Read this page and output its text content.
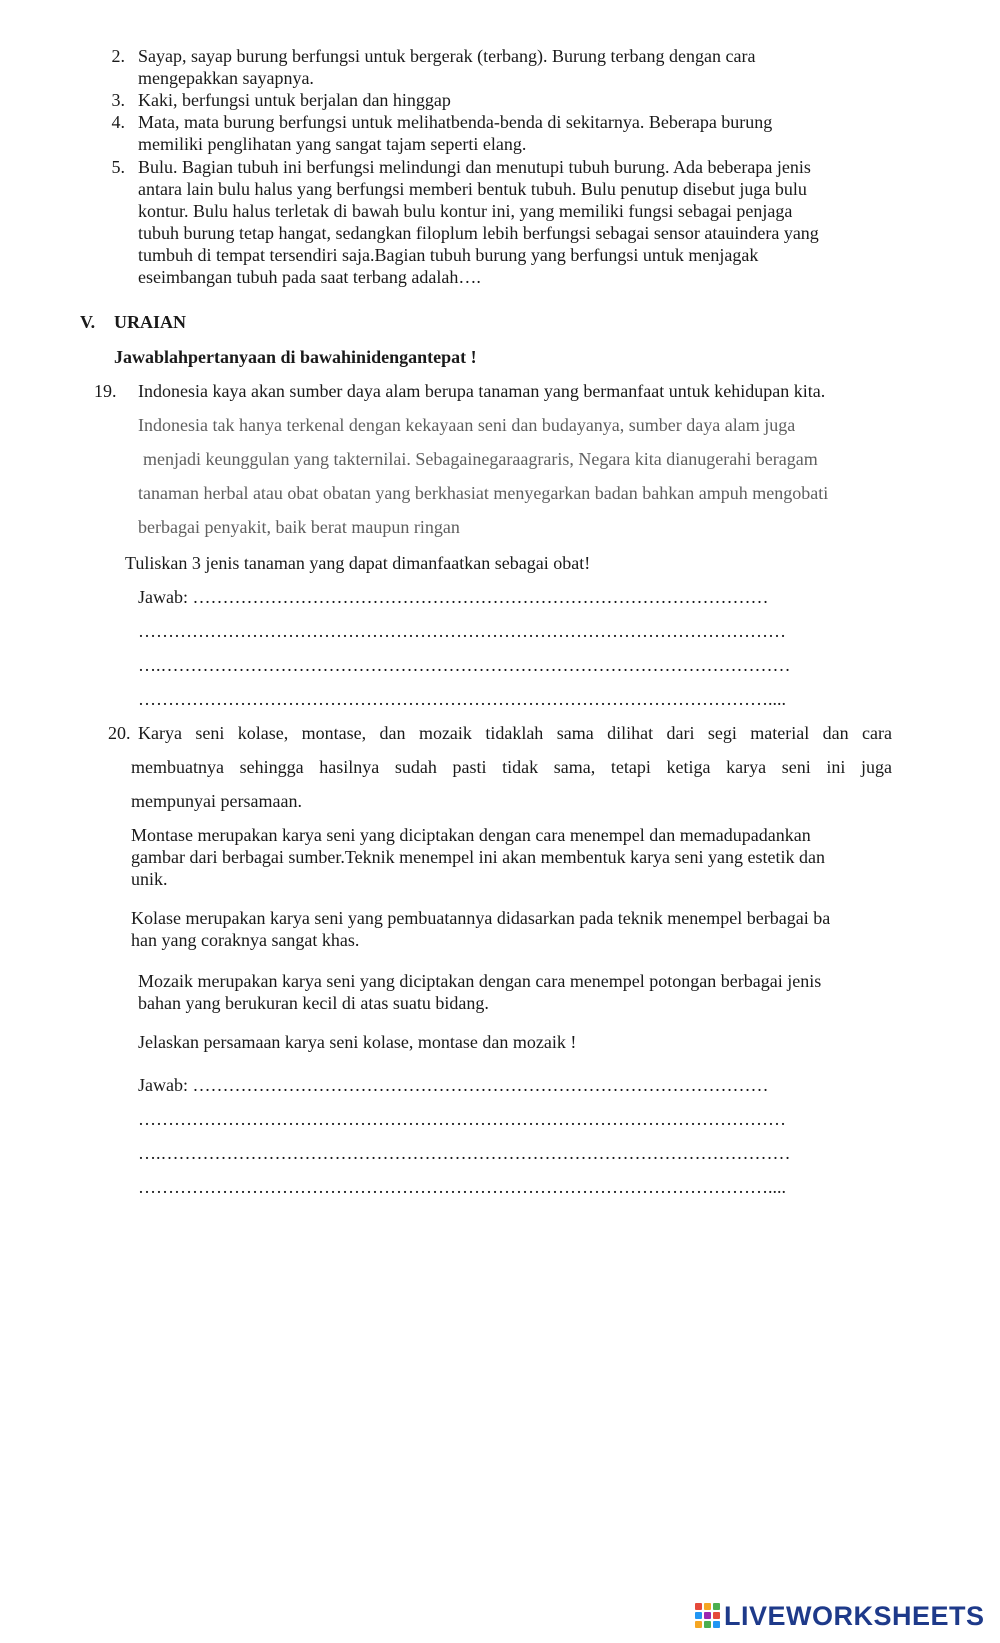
2. Sayap, sayap burung berfungsi untuk bergerak (terbang). Burung terbang dengan cara
mengepakkan sayapnya.
3. Kaki, berfungsi untuk berjalan dan hinggap
4. Mata, mata burung berfungsi untuk melihatbenda-benda di sekitarnya. Beberapa burung
memiliki penglihatan yang sangat tajam seperti elang.
5. Bulu. Bagian tubuh ini berfungsi melindungi dan menutupi tubuh burung. Ada beberapa jenis
antara lain bulu halus yang berfungsi memberi bentuk tubuh. Bulu penutup disebut juga bulu
kontur. Bulu halus terletak di bawah bulu kontur ini, yang memiliki fungsi sebagai penjaga
tubuh burung tetap hangat, sedangkan filoplum lebih berfungsi sebagai sensor atauindera yang
tumbuh di tempat tersendiri saja.Bagian tubuh burung yang berfungsi untuk menjagak
eseimbangan tubuh pada saat terbang adalah….
V. URAIAN
Jawablahpertanyaan di bawahinidengantepat !
19. Indonesia kaya akan sumber daya alam berupa tanaman yang bermanfaat untuk kehidupan kita.
Indonesia tak hanya terkenal dengan kekayaan seni dan budayanya, sumber daya alam juga
menjadi keunggulan yang takternilai. Sebagainegaraagraris, Negara kita dianugerahi beragam
tanaman herbal atau obat obatan yang berkhasiat menyegarkan badan bahkan ampuh mengobati
berbagai penyakit, baik berat maupun ringan
Tuliskan 3 jenis tanaman yang dapat dimanfaatkan sebagai obat!
Jawab: ……………………………………………………………………………………
………………………………………………………………………………………………
….……………………………………………………………………………………………
……………………………………………………………………………………………....
20. Karya seni kolase, montase, dan mozaik tidaklah sama dilihat dari segi material dan cara
membuatnya sehingga hasilnya sudah pasti tidak sama, tetapi ketiga karya seni ini juga
mempunyai persamaan.
Montase merupakan karya seni yang diciptakan dengan cara menempel dan memadupadankan
gambar dari berbagai sumber.Teknik menempel ini akan membentuk karya seni yang estetik dan
unik.
Kolase merupakan karya seni yang pembuatannya didasarkan pada teknik menempel berbagai ba
han yang coraknya sangat khas.
Mozaik merupakan karya seni yang diciptakan dengan cara menempel potongan berbagai jenis
bahan yang berukuran kecil di atas suatu bidang.
Jelaskan persamaan karya seni kolase, montase dan mozaik !
Jawab: ……………………………………………………………………………………
………………………………………………………………………………………………
….……………………………………………………………………………………………
……………………………………………………………………………………………....
LIVEWORKSHEETS
